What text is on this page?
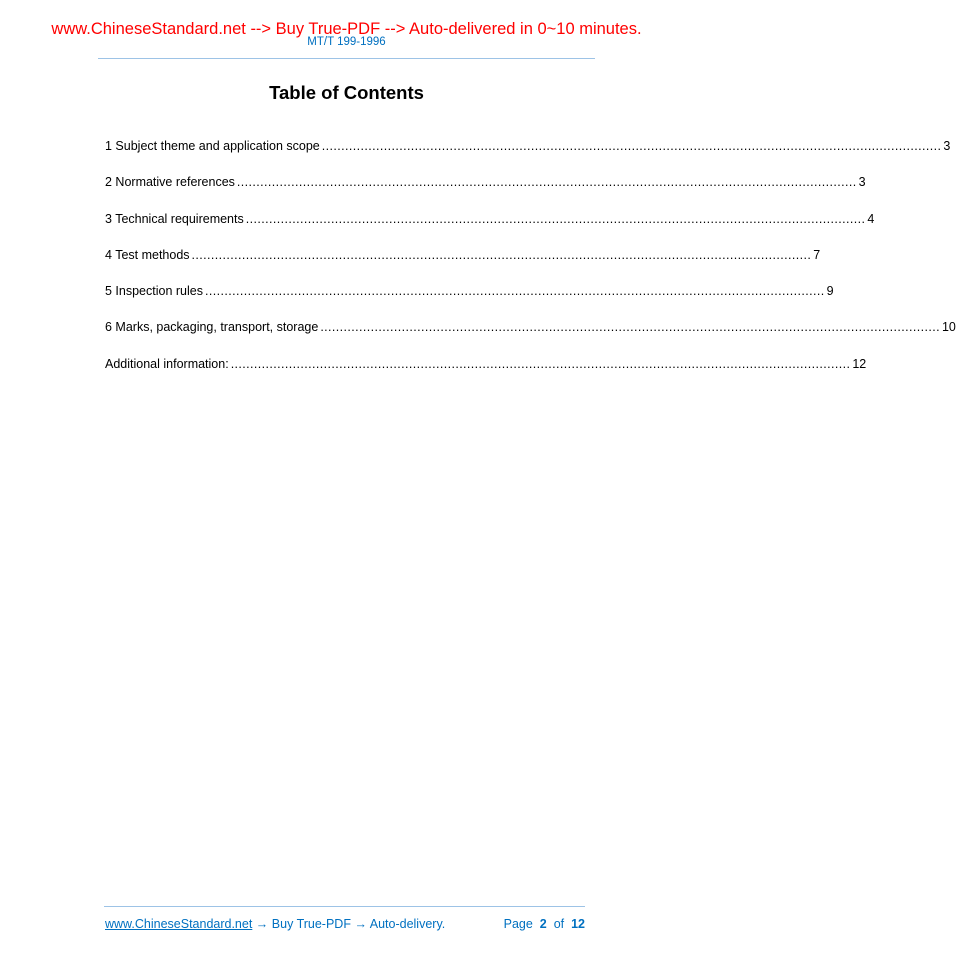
www.ChineseStandard.net --> Buy True-PDF --> Auto-delivered in 0~10 minutes.
MT/T 199-1996
Table of Contents
1 Subject theme and application scope ................................................................................................................................................................ 3
2 Normative references ................................................................................................................................................................ 3
3 Technical requirements ................................................................................................................................................................ 4
4 Test methods ................................................................................................................................................................ 7
5 Inspection rules ................................................................................................................................................................ 9
6 Marks, packaging, transport, storage ................................................................................................................................................................ 10
Additional information: ................................................................................................................................................................ 12
www.ChineseStandard.net → Buy True-PDF → Auto-delivery.	Page 2 of 12
